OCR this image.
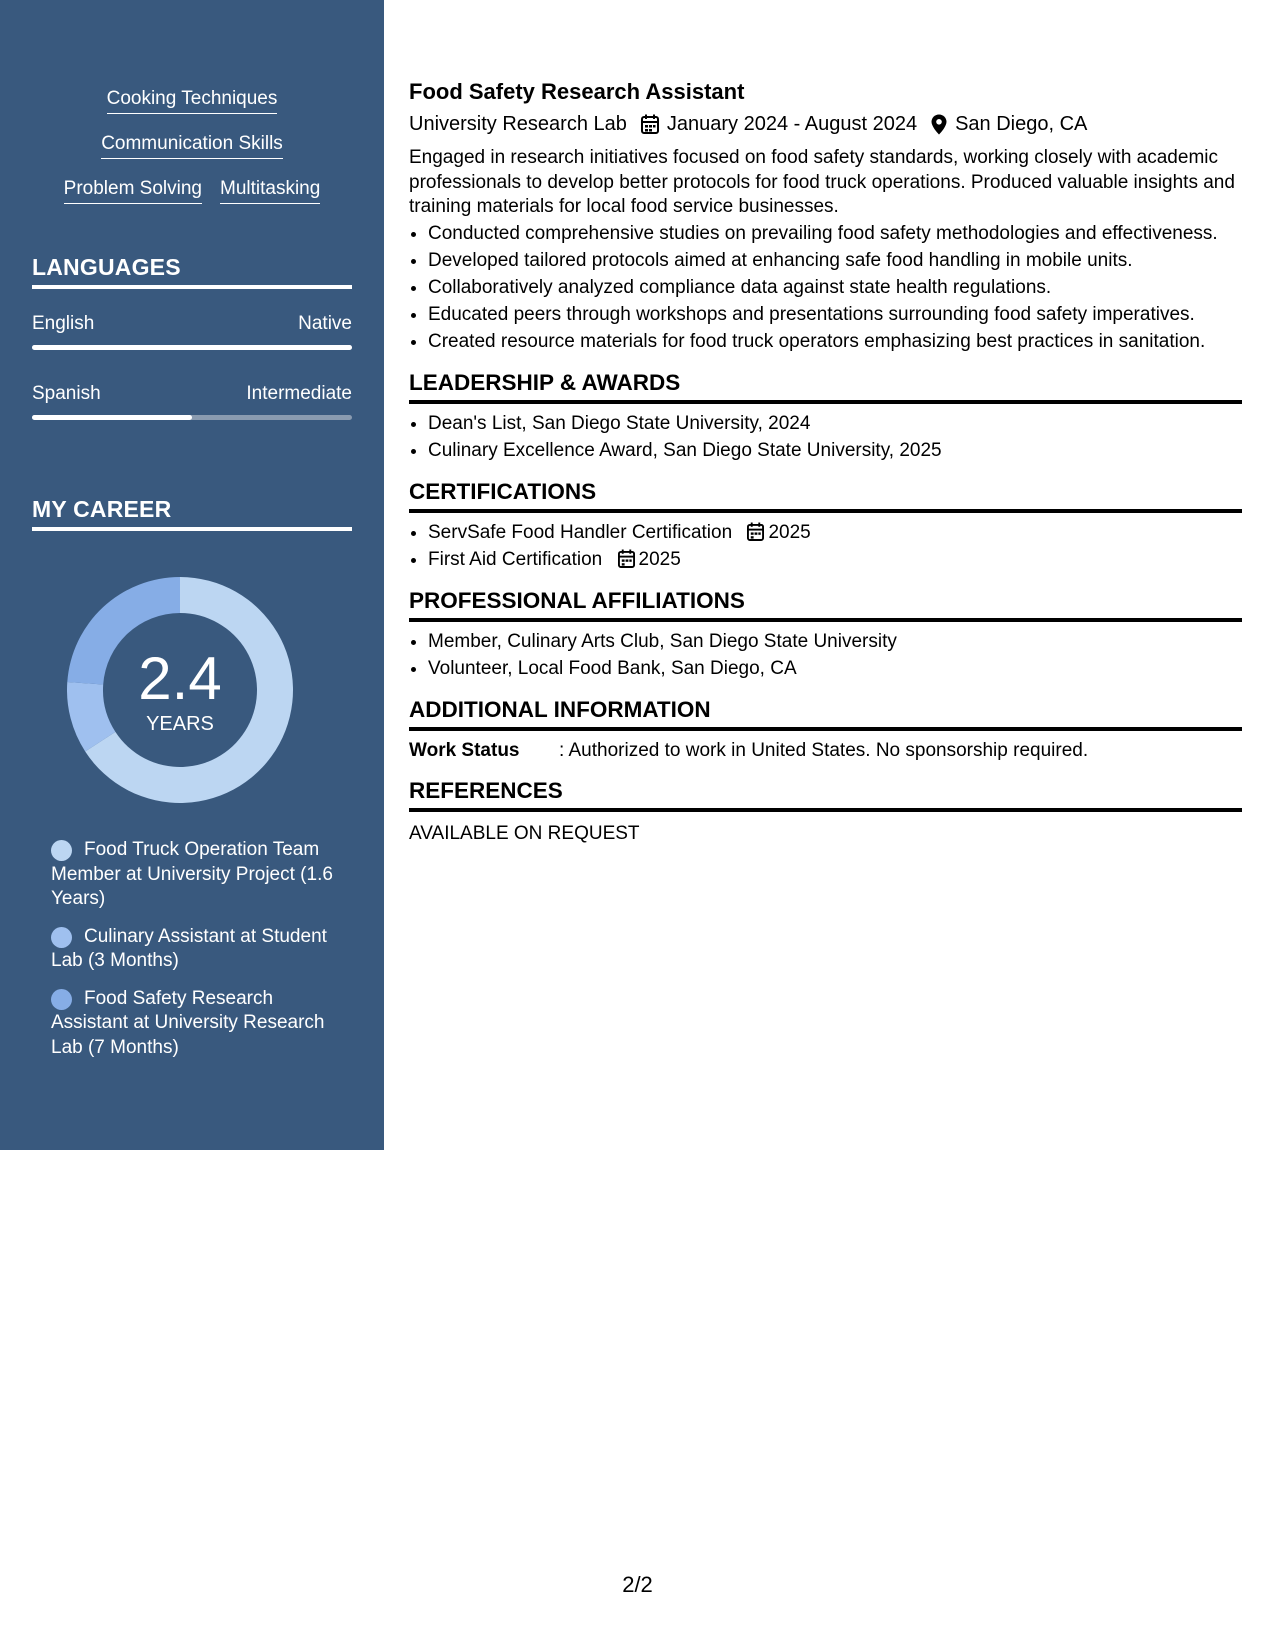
Cooking Techniques
Communication Skills
Problem Solving Multitasking
LANGUAGES
English	Native
Spanish	Intermediate
MY CAREER
2.4
YEARS
Food Truck Operation Team Member at University Project (1.6 Years)
Culinary Assistant at Student Lab (3 Months)
Food Safety Research Assistant at University Research Lab (7 Months)
Food Safety Research Assistant
University Research Lab January 2024 - August 2024 San Diego, CA
Engaged in research initiatives focused on food safety standards, working closely with academic professionals to develop better protocols for food truck operations. Produced valuable insights and training materials for local food service businesses.
• Conducted comprehensive studies on prevailing food safety methodologies and effectiveness.
• Developed tailored protocols aimed at enhancing safe food handling in mobile units.
• Collaboratively analyzed compliance data against state health regulations.
• Educated peers through workshops and presentations surrounding food safety imperatives.
• Created resource materials for food truck operators emphasizing best practices in sanitation.
LEADERSHIP & AWARDS
• Dean's List, San Diego State University, 2024
• Culinary Excellence Award, San Diego State University, 2025
CERTIFICATIONS
• ServSafe Food Handler Certification 2025
• First Aid Certification 2025
PROFESSIONAL AFFILIATIONS
• Member, Culinary Arts Club, San Diego State University
• Volunteer, Local Food Bank, San Diego, CA
ADDITIONAL INFORMATION
Work Status	: Authorized to work in United States. No sponsorship required.
REFERENCES
AVAILABLE ON REQUEST
2/2
